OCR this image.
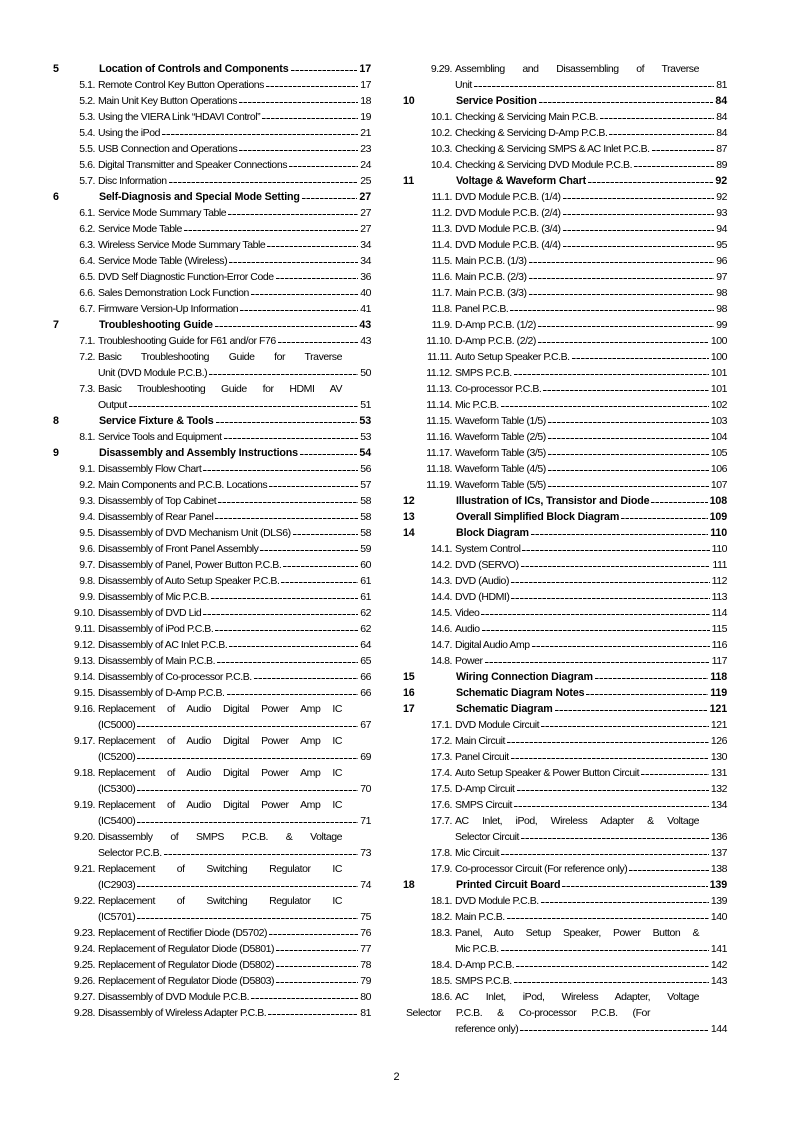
5	Location of Controls and Components	17
5.1. Remote Control Key Button Operations	17
5.2. Main Unit Key Button Operations	18
5.3. Using the VIERA Link “HDAVI Control”	19
5.4. Using the iPod	21
5.5. USB Connection and Operations	23
5.6. Digital Transmitter and Speaker Connections	24
5.7. Disc Information	25
6	Self-Diagnosis and Special Mode Setting	27
6.1. Service Mode Summary Table	27
6.2. Service Mode Table	27
6.3. Wireless Service Mode Summary Table	34
6.4. Service Mode Table (Wireless)	34
6.5. DVD Self Diagnostic Function-Error Code	36
6.6. Sales Demonstration Lock Function	40
6.7. Firmware Version-Up Information	41
7	Troubleshooting Guide	43
7.1. Troubleshooting Guide for F61 and/or F76	43
7.2. Basic Troubleshooting Guide for Traverse
Unit (DVD Module P.C.B.)	50
7.3. Basic Troubleshooting Guide for HDMI AV
Output	51
8	Service Fixture & Tools	53
8.1. Service Tools and Equipment	53
9	Disassembly and Assembly Instructions	54
9.1. Disassembly Flow Chart	56
9.2. Main Components and P.C.B. Locations	57
9.3. Disassembly of Top Cabinet	58
9.4. Disassembly of Rear Panel	58
9.5. Disassembly of DVD Mechanism Unit (DLS6)	58
9.6. Disassembly of Front Panel Assembly	59
9.7. Disassembly of Panel, Power Button P.C.B.	60
9.8. Disassembly of Auto Setup Speaker P.C.B.	61
9.9. Disassembly of Mic P.C.B.	61
9.10. Disassembly of DVD Lid	62
9.11. Disassembly of iPod P.C.B.	62
9.12. Disassembly of AC Inlet P.C.B.	64
9.13. Disassembly of Main P.C.B.	65
9.14. Disassembly of Co-processor P.C.B.	66
9.15. Disassembly of D-Amp P.C.B.	66
9.16. Replacement of Audio Digital Power Amp IC
(IC5000)	67
9.17. Replacement of Audio Digital Power Amp IC
(IC5200)	69
9.18. Replacement of Audio Digital Power Amp IC
(IC5300)	70
9.19. Replacement of Audio Digital Power Amp IC
(IC5400)	71
9.20. Disassembly of SMPS P.C.B. & Voltage
Selector P.C.B.	73
9.21. Replacement of Switching Regulator IC
(IC2903)	74
9.22. Replacement of Switching Regulator IC
(IC5701)	75
9.23. Replacement of Rectifier Diode (D5702)	76
9.24. Replacement of Regulator Diode (D5801)	77
9.25. Replacement of Regulator Diode (D5802)	78
9.26. Replacement of Regulator Diode (D5803)	79
9.27. Disassembly of DVD Module P.C.B.	80
9.28. Disassembly of Wireless Adapter P.C.B.	81
9.29. Assembling and Disassembling of Traverse
Unit	81
10	Service Position	84
10.1. Checking & Servicing Main P.C.B.	84
10.2. Checking & Servicing D-Amp P.C.B.	84
10.3. Checking & Servicing SMPS & AC Inlet P.C.B.	87
10.4. Checking & Servicing DVD Module P.C.B.	89
11	Voltage & Waveform Chart	92
11.1. DVD Module P.C.B. (1/4)	92
11.2. DVD Module P.C.B. (2/4)	93
11.3. DVD Module P.C.B. (3/4)	94
11.4. DVD Module P.C.B. (4/4)	95
11.5. Main P.C.B. (1/3)	96
11.6. Main P.C.B. (2/3)	97
11.7. Main P.C.B. (3/3)	98
11.8. Panel P.C.B.	98
11.9. D-Amp P.C.B. (1/2)	99
11.10. D-Amp P.C.B. (2/2)	100
11.11. Auto Setup Speaker P.C.B.	100
11.12. SMPS P.C.B.	101
11.13. Co-processor P.C.B.	101
11.14. Mic P.C.B.	102
11.15. Waveform Table (1/5)	103
11.16. Waveform Table (2/5)	104
11.17. Waveform Table (3/5)	105
11.18. Waveform Table (4/5)	106
11.19. Waveform Table (5/5)	107
12	Illustration of ICs, Transistor and Diode	108
13	Overall Simplified Block Diagram	109
14	Block Diagram	110
14.1. System Control	110
14.2. DVD (SERVO)	111
14.3. DVD (Audio)	112
14.4. DVD (HDMI)	113
14.5. Video	114
14.6. Audio	115
14.7. Digital Audio Amp	116
14.8. Power	117
15	Wiring Connection Diagram	118
16	Schematic Diagram Notes	119
17	Schematic Diagram	121
17.1. DVD Module Circuit	121
17.2. Main Circuit	126
17.3. Panel Circuit	130
17.4. Auto Setup Speaker & Power Button Circuit	131
17.5. D-Amp Circuit	132
17.6. SMPS Circuit	134
17.7. AC Inlet, iPod, Wireless Adapter & Voltage
Selector Circuit	136
17.8. Mic Circuit	137
17.9. Co-processor Circuit (For reference only)	138
18	Printed Circuit Board	139
18.1. DVD Module P.C.B.	139
18.2. Main P.C.B.	140
18.3. Panel, Auto Setup Speaker, Power Button &
Mic P.C.B.	141
18.4. D-Amp P.C.B.	142
18.5. SMPS P.C.B.	143
18.6. AC Inlet, iPod, Wireless Adapter, Voltage
Selector P.C.B. & Co-processor P.C.B. (For
reference only)	144
2
